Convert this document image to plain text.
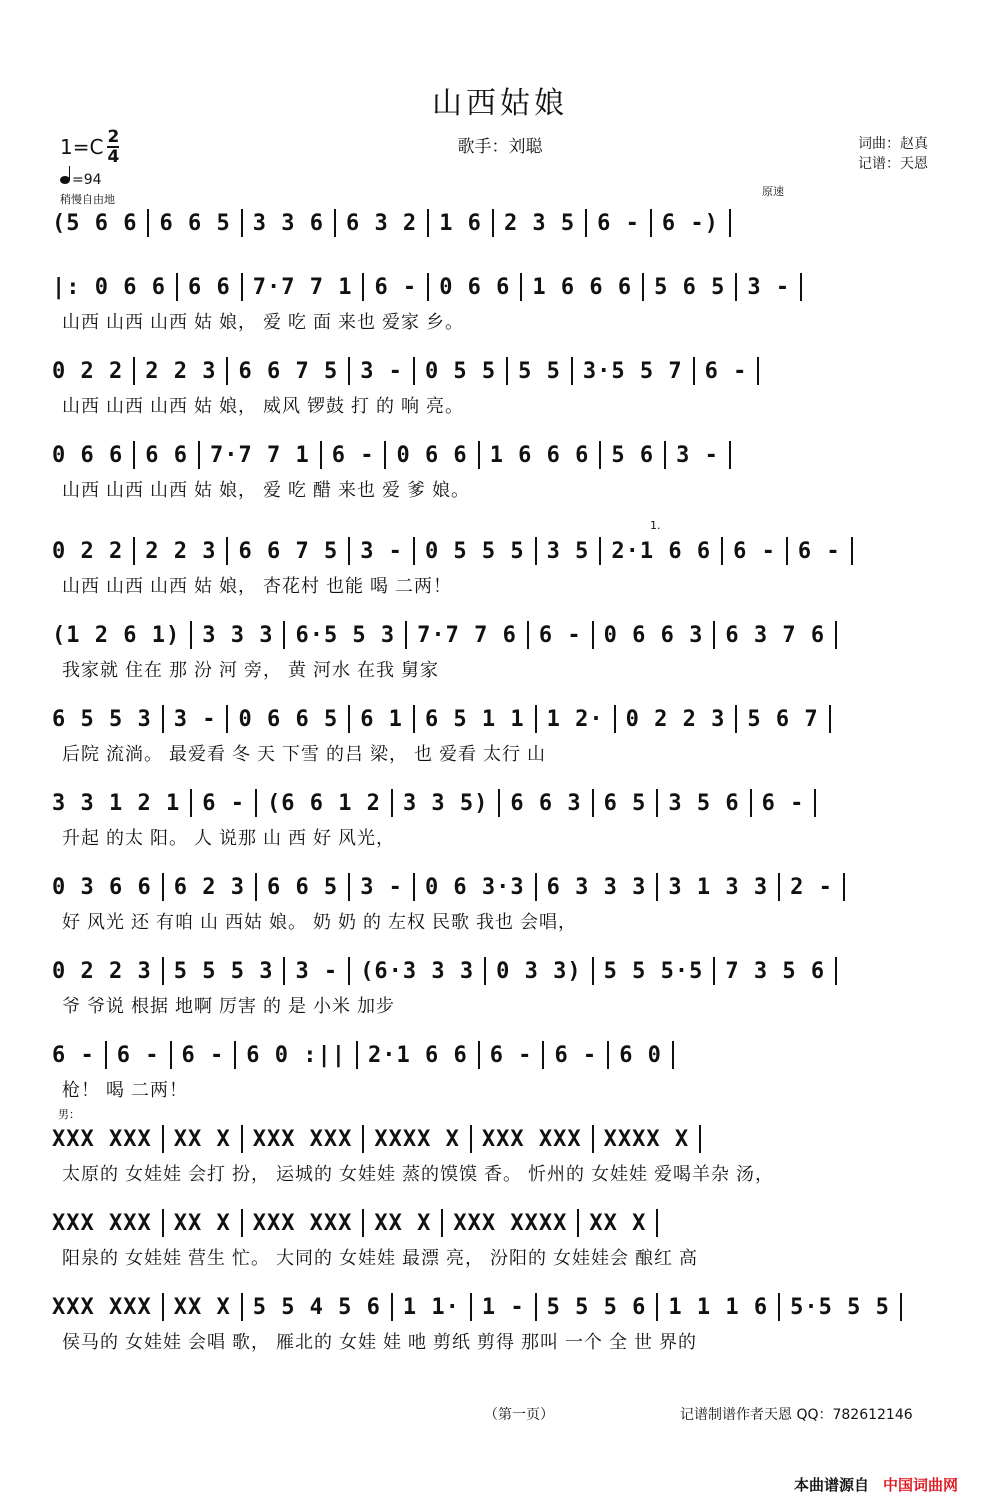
山西姑娘
$1=C \frac{2}{4}$	歌手：刘聪	词曲：赵真
记谱：天恩
=94
稍慢自由地
原速
1.
(5 6 6 6 6 5 3 3 6 6 3 2 1 6 2 3 5 6 - 6 -)
|: 0 6 6 6 6 7·7 7 1 6 - 0 6 6 1 6 6 6 5 6 5 3 -
山西 山西 山西 姑 娘， 爱 吃 面 来也 爱家 乡。
0 2 2 2 2 3 6 6 7 5 3 - 0 5 5 5 5 3·5 5 7 6 -
山西 山西 山西 姑 娘， 威风 锣鼓 打 的 响 亮。
0 6 6 6 6 7·7 7 1 6 - 0 6 6 1 6 6 6 5 6 3 -
山西 山西 山西 姑 娘， 爱 吃 醋 来也 爱 爹 娘。
0 2 2 2 2 3 6 6 7 5 3 - 0 5 5 5 3 5 2·1 6 6 6 - 6 -
山西 山西 山西 姑 娘， 杏花村 也能 喝 二两！
(1 2 6 1) 3 3 3 6·5 5 3 7·7 7 6 6 - 0 6 6 3 6 3 7 6
我家就 住在 那 汾 河 旁， 黄 河水 在我 舅家
6 5 5 3 3 - 0 6 6 5 6 1 6 5 1 1 1 2· 0 2 2 3 5 6 7
后院 流淌。 最爱看 冬 天 下雪 的吕 梁， 也 爱看 太行 山
3 3 1 2 1 6 - (6 6 1 2 3 3 5) 6 6 3 6 5 3 5 6 6 -
升起 的太 阳。 人 说那 山 西 好 风光，
0 3 6 6 6 2 3 6 6 5 3 - 0 6 3·3 6 3 3 3 3 1 3 3 2 -
好 风光 还 有咱 山 西姑 娘。 奶 奶 的 左权 民歌 我也 会唱，
0 2 2 3 5 5 5 3 3 - (6·3 3 3 0 3 3) 5 5 5·5 7 3 5 6
爷 爷说 根据 地啊 厉害 的 是 小米 加步
6 - 6 - 6 - 6 0 :|| 2·1 6 6 6 - 6 - 6 0
枪！ 喝 二两！
XXX XXX XX X XXX XXX XXXX X XXX XXX XXXX X
太原的 女娃娃 会打 扮， 运城的 女娃娃 蒸的馍馍 香。 忻州的 女娃娃 爱喝羊杂 汤，
XXX XXX XX X XXX XXX XX X XXX XXXX XX X
阳泉的 女娃娃 营生 忙。 大同的 女娃娃 最漂 亮， 汾阳的 女娃娃会 酿红 高
XXX XXX XX X 5 5 4 5 6 1 1· 1 - 5 5 5 6 1 1 1 6 5·5 5 5
侯马的 女娃娃 会唱 歌， 雁北的 女娃 娃 吔 剪纸 剪得 那叫 一个 全 世 界的
男：
（第一页）	记谱制谱作者天恩 QQ：782612146
本曲谱源自 中国词曲网
